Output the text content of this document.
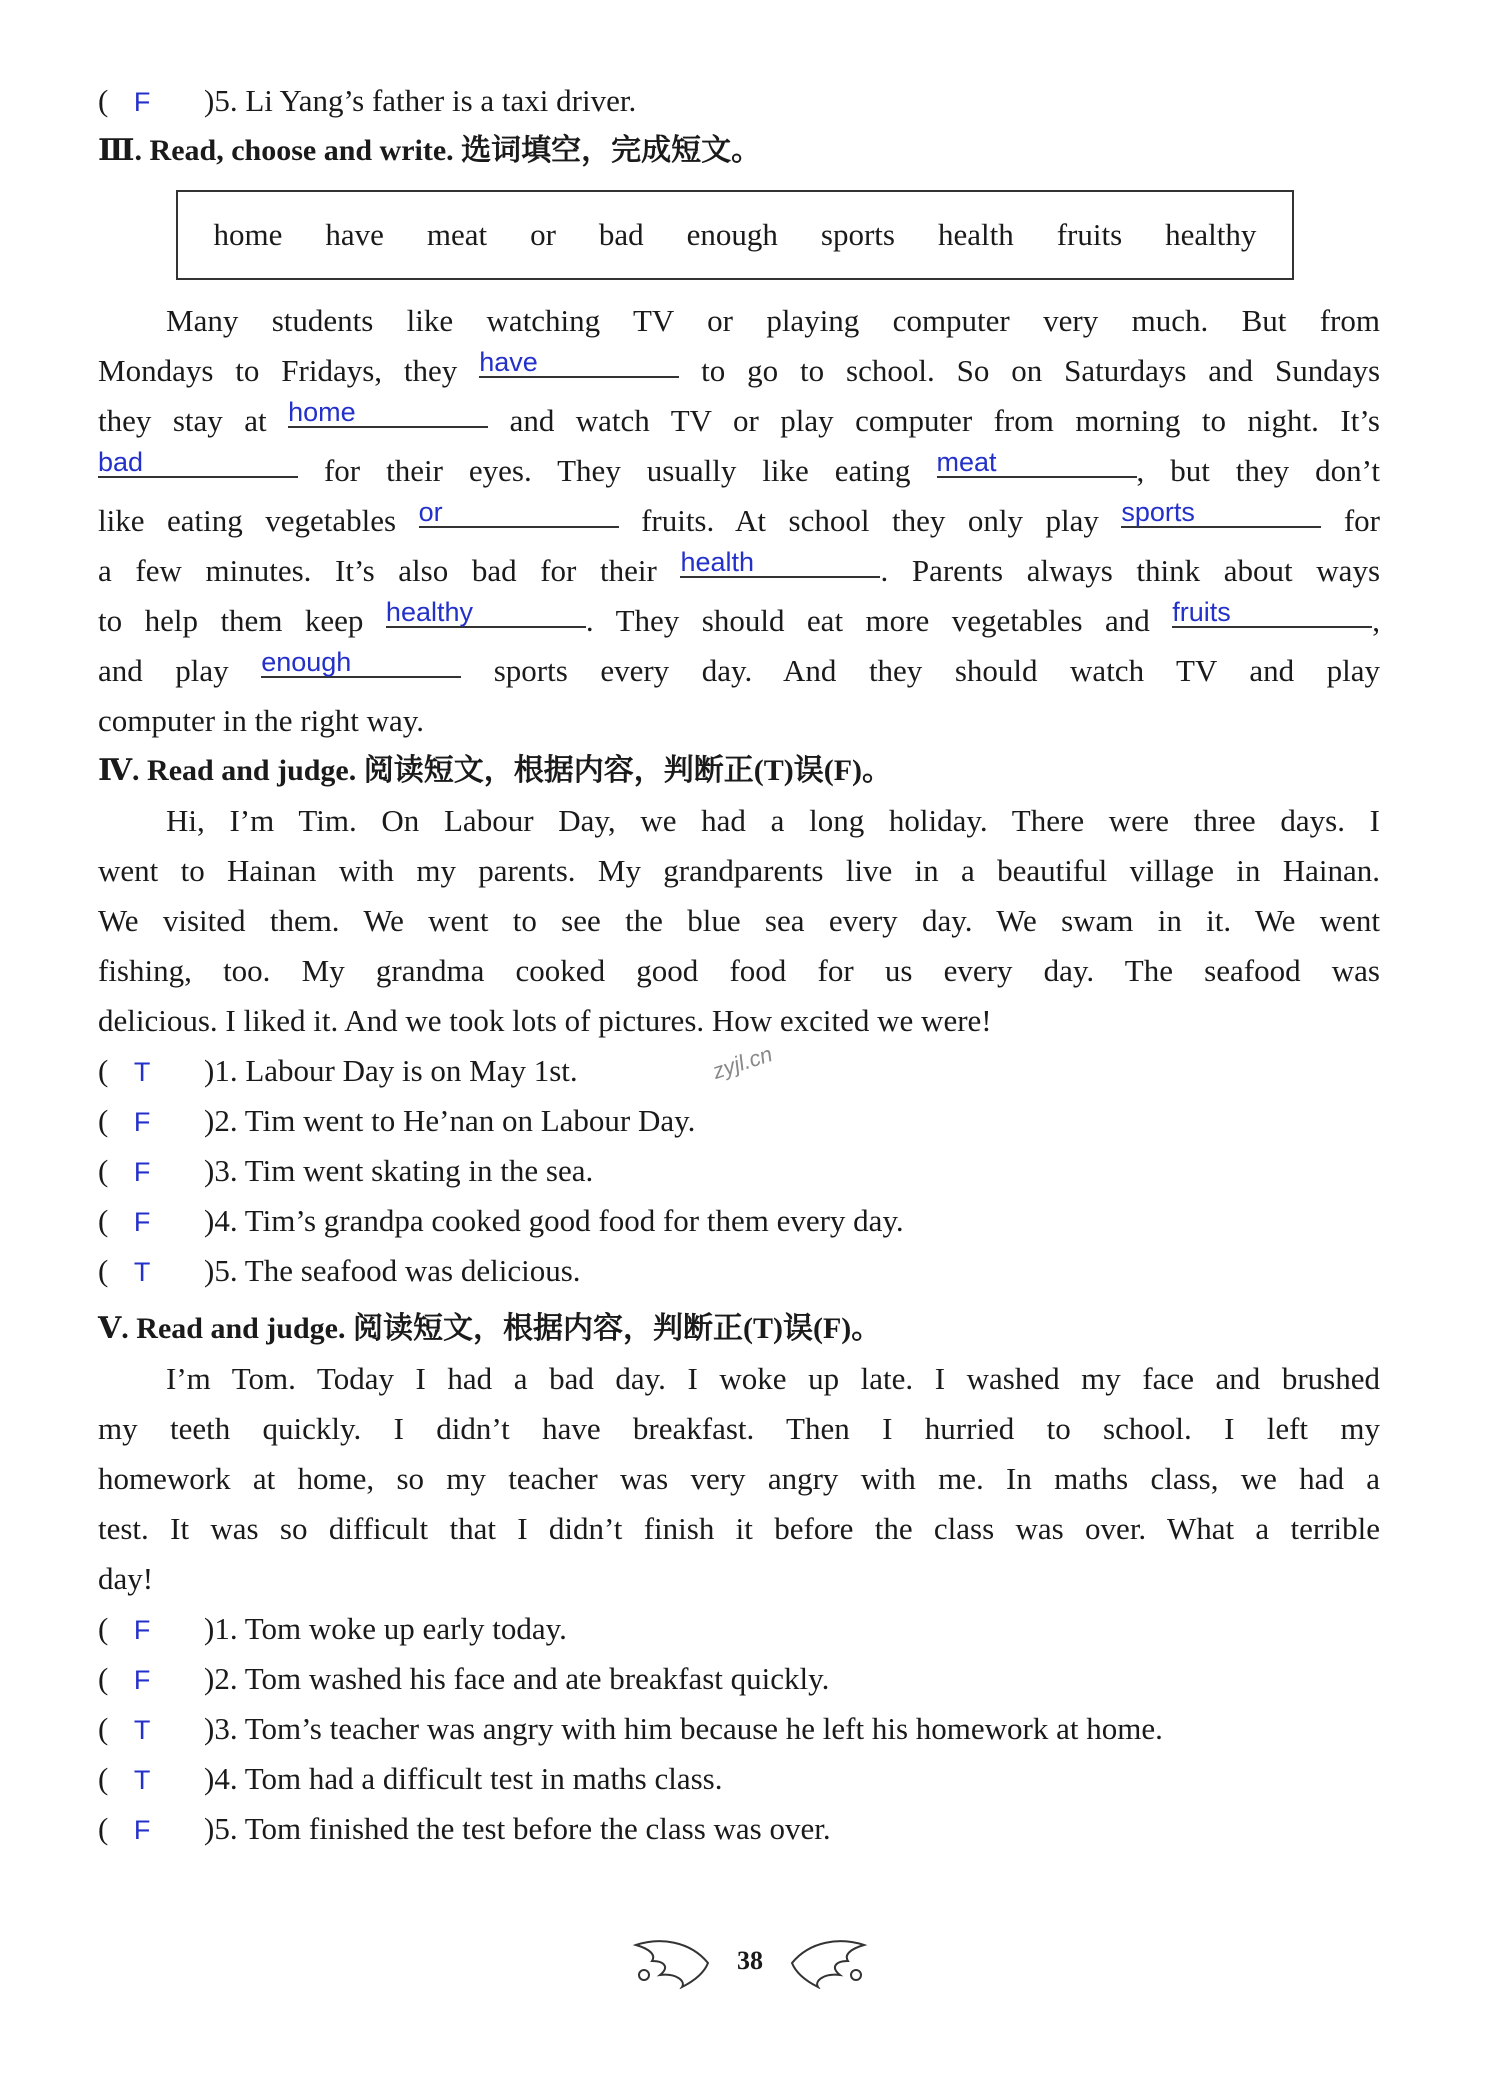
( F )5. Li Yang’s father is a taxi driver.
Ⅲ. Read, choose and write. 选词填空，完成短文。
home have meat or bad enough sports health fruits healthy
Many students like watching TV or playing computer very much. But from
Mondays to Fridays, they have	to go to school. So on Saturdays and Sundays
they stay at home	and watch TV or play computer from morning to night. It’s
bad	for their eyes. They usually like eating meat	, but they don’t
like eating vegetables or	fruits. At school they only play sports	for
a few minutes. It’s also bad for their health	. Parents always think about ways
to help them keep healthy	. They should eat more vegetables and fruits	,
and play enough	sports every day. And they should watch TV and play
computer in the right way.
Ⅳ. Read and judge. 阅读短文，根据内容，判断正(T)误(F)。
Hi, I’m Tim. On Labour Day, we had a long holiday. There were three days. I
went to Hainan with my parents. My grandparents live in a beautiful village in Hainan.
We visited them. We went to see the blue sea every day. We swam in it. We went
fishing, too. My grandma cooked good food for us every day. The seafood was
delicious. I liked it. And we took lots of pictures. How excited we were!
( T )1. Labour Day is on May 1st.
( F )2. Tim went to He’nan on Labour Day.
( F )3. Tim went skating in the sea.
( F )4. Tim’s grandpa cooked good food for them every day.
( T )5. The seafood was delicious.
Ⅴ. Read and judge. 阅读短文，根据内容，判断正(T)误(F)。
I’m Tom. Today I had a bad day. I woke up late. I washed my face and brushed
my teeth quickly. I didn’t have breakfast. Then I hurried to school. I left my
homework at home, so my teacher was very angry with me. In maths class, we had a
test. It was so difficult that I didn’t finish it before the class was over. What a terrible
day!
( F )1. Tom woke up early today.
( F )2. Tom washed his face and ate breakfast quickly.
( T )3. Tom’s teacher was angry with him because he left his homework at home.
( T )4. Tom had a difficult test in maths class.
( F )5. Tom finished the test before the class was over.
zyjl.cn
38
